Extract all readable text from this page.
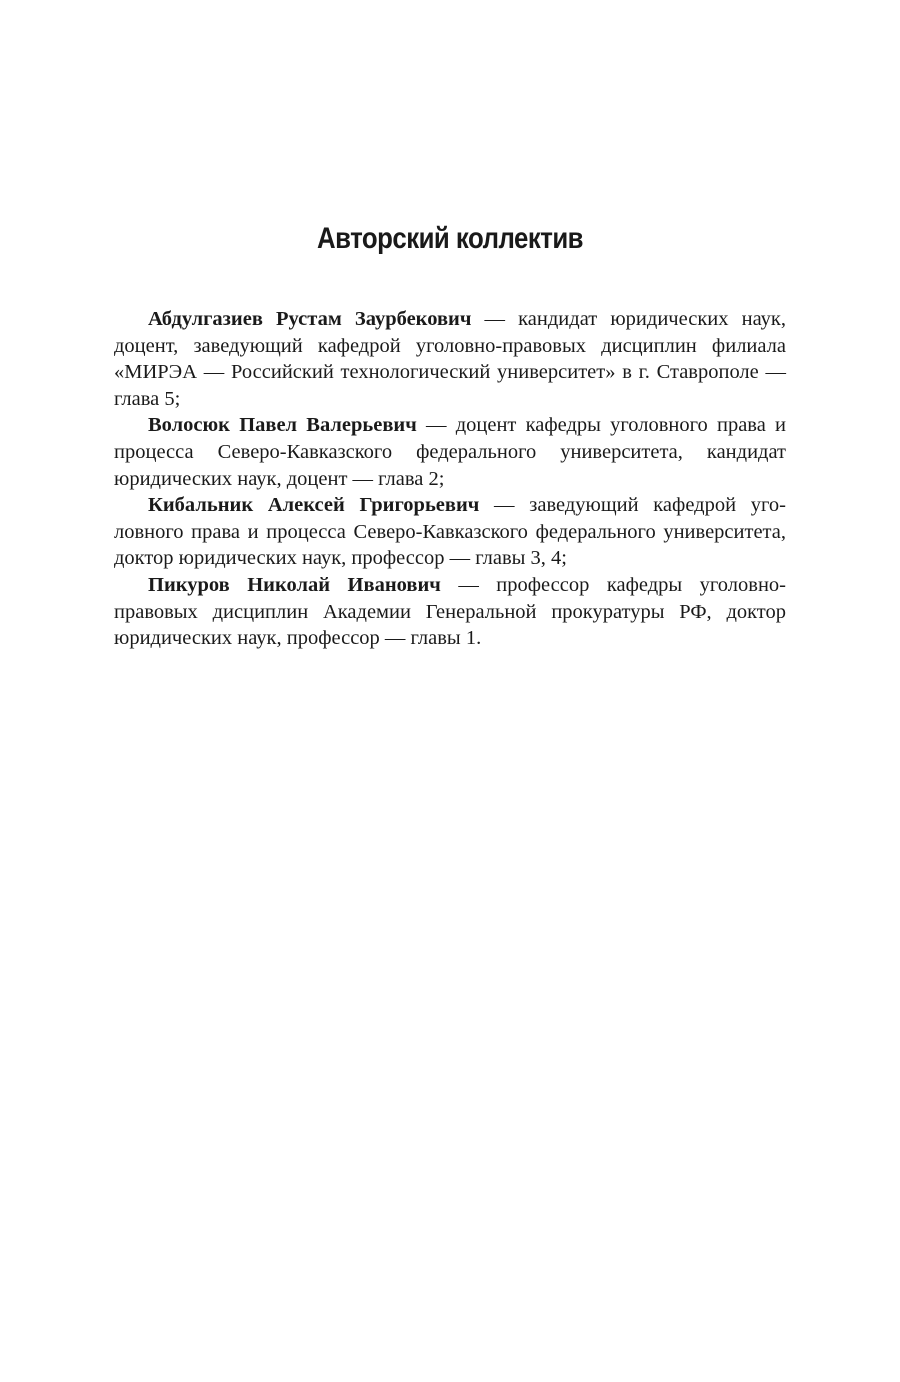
Авторский коллектив

Абдулгазиев Рустам Заурбекович — кандидат юридических наук, доцент, заведующий кафедрой уголовно-правовых дисциплин филиала «МИРЭА — Российский технологический университет» в г. Ставрополе — глава 5;

Волосюк Павел Валерьевич — доцент кафедры уголовного права и процесса Северо-Кавказского федерального университета, кандидат юридических наук, доцент — глава 2;

Кибальник Алексей Григорьевич — заведующий кафедрой уголовного права и процесса Северо-Кавказского федерального университета, доктор юридических наук, профессор — главы 3, 4;

Пикуров Николай Иванович — профессор кафедры уголовно-правовых дисциплин Академии Генеральной прокуратуры РФ, доктор юридических наук, профессор — главы 1.
